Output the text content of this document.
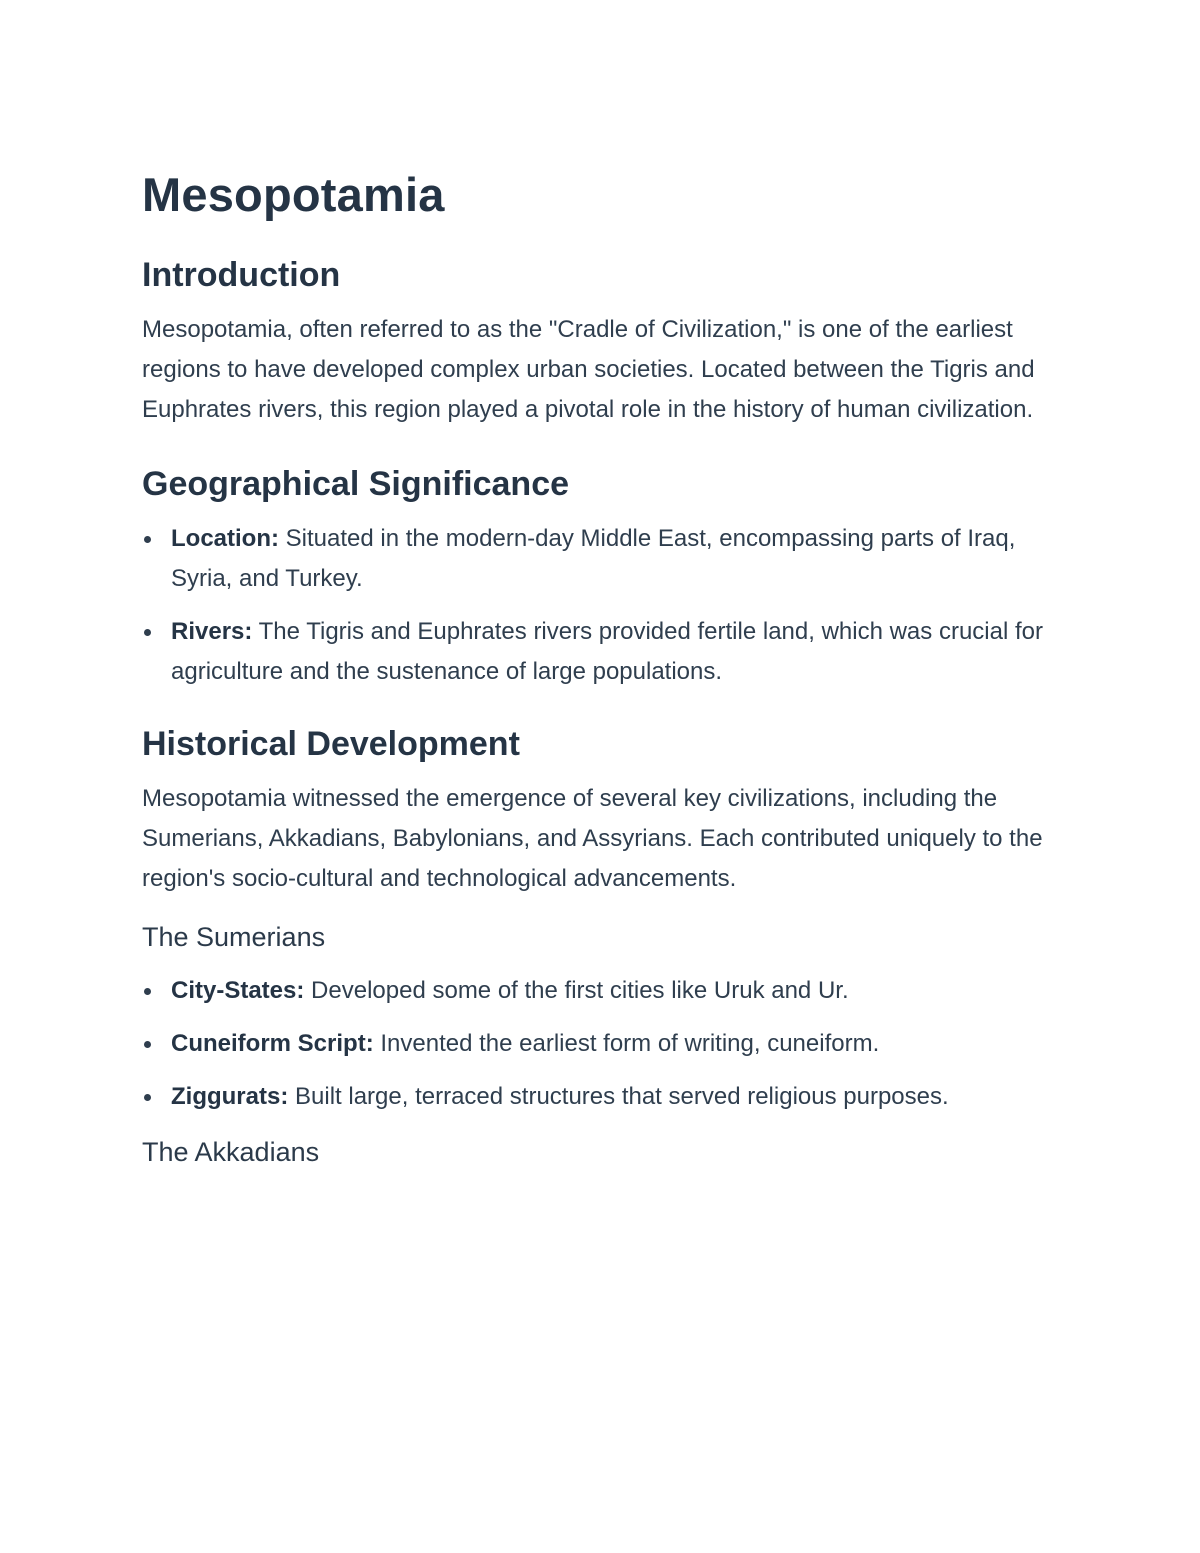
Mesopotamia
Introduction

Mesopotamia, often referred to as the "Cradle of Civilization," is one of the earliest regions to have developed complex urban societies. Located between the Tigris and Euphrates rivers, this region played a pivotal role in the history of human civilization.

Geographical Significance
Location: Situated in the modern-day Middle East, encompassing parts of Iraq, Syria, and Turkey.
Rivers: The Tigris and Euphrates rivers provided fertile land, which was crucial for agriculture and the sustenance of large populations.
Historical Development

Mesopotamia witnessed the emergence of several key civilizations, including the Sumerians, Akkadians, Babylonians, and Assyrians. Each contributed uniquely to the region's socio-cultural and technological advancements.

The Sumerians
City-States: Developed some of the first cities like Uruk and Ur.
Cuneiform Script: Invented the earliest form of writing, cuneiform.
Ziggurats: Built large, terraced structures that served religious purposes.
The Akkadians
